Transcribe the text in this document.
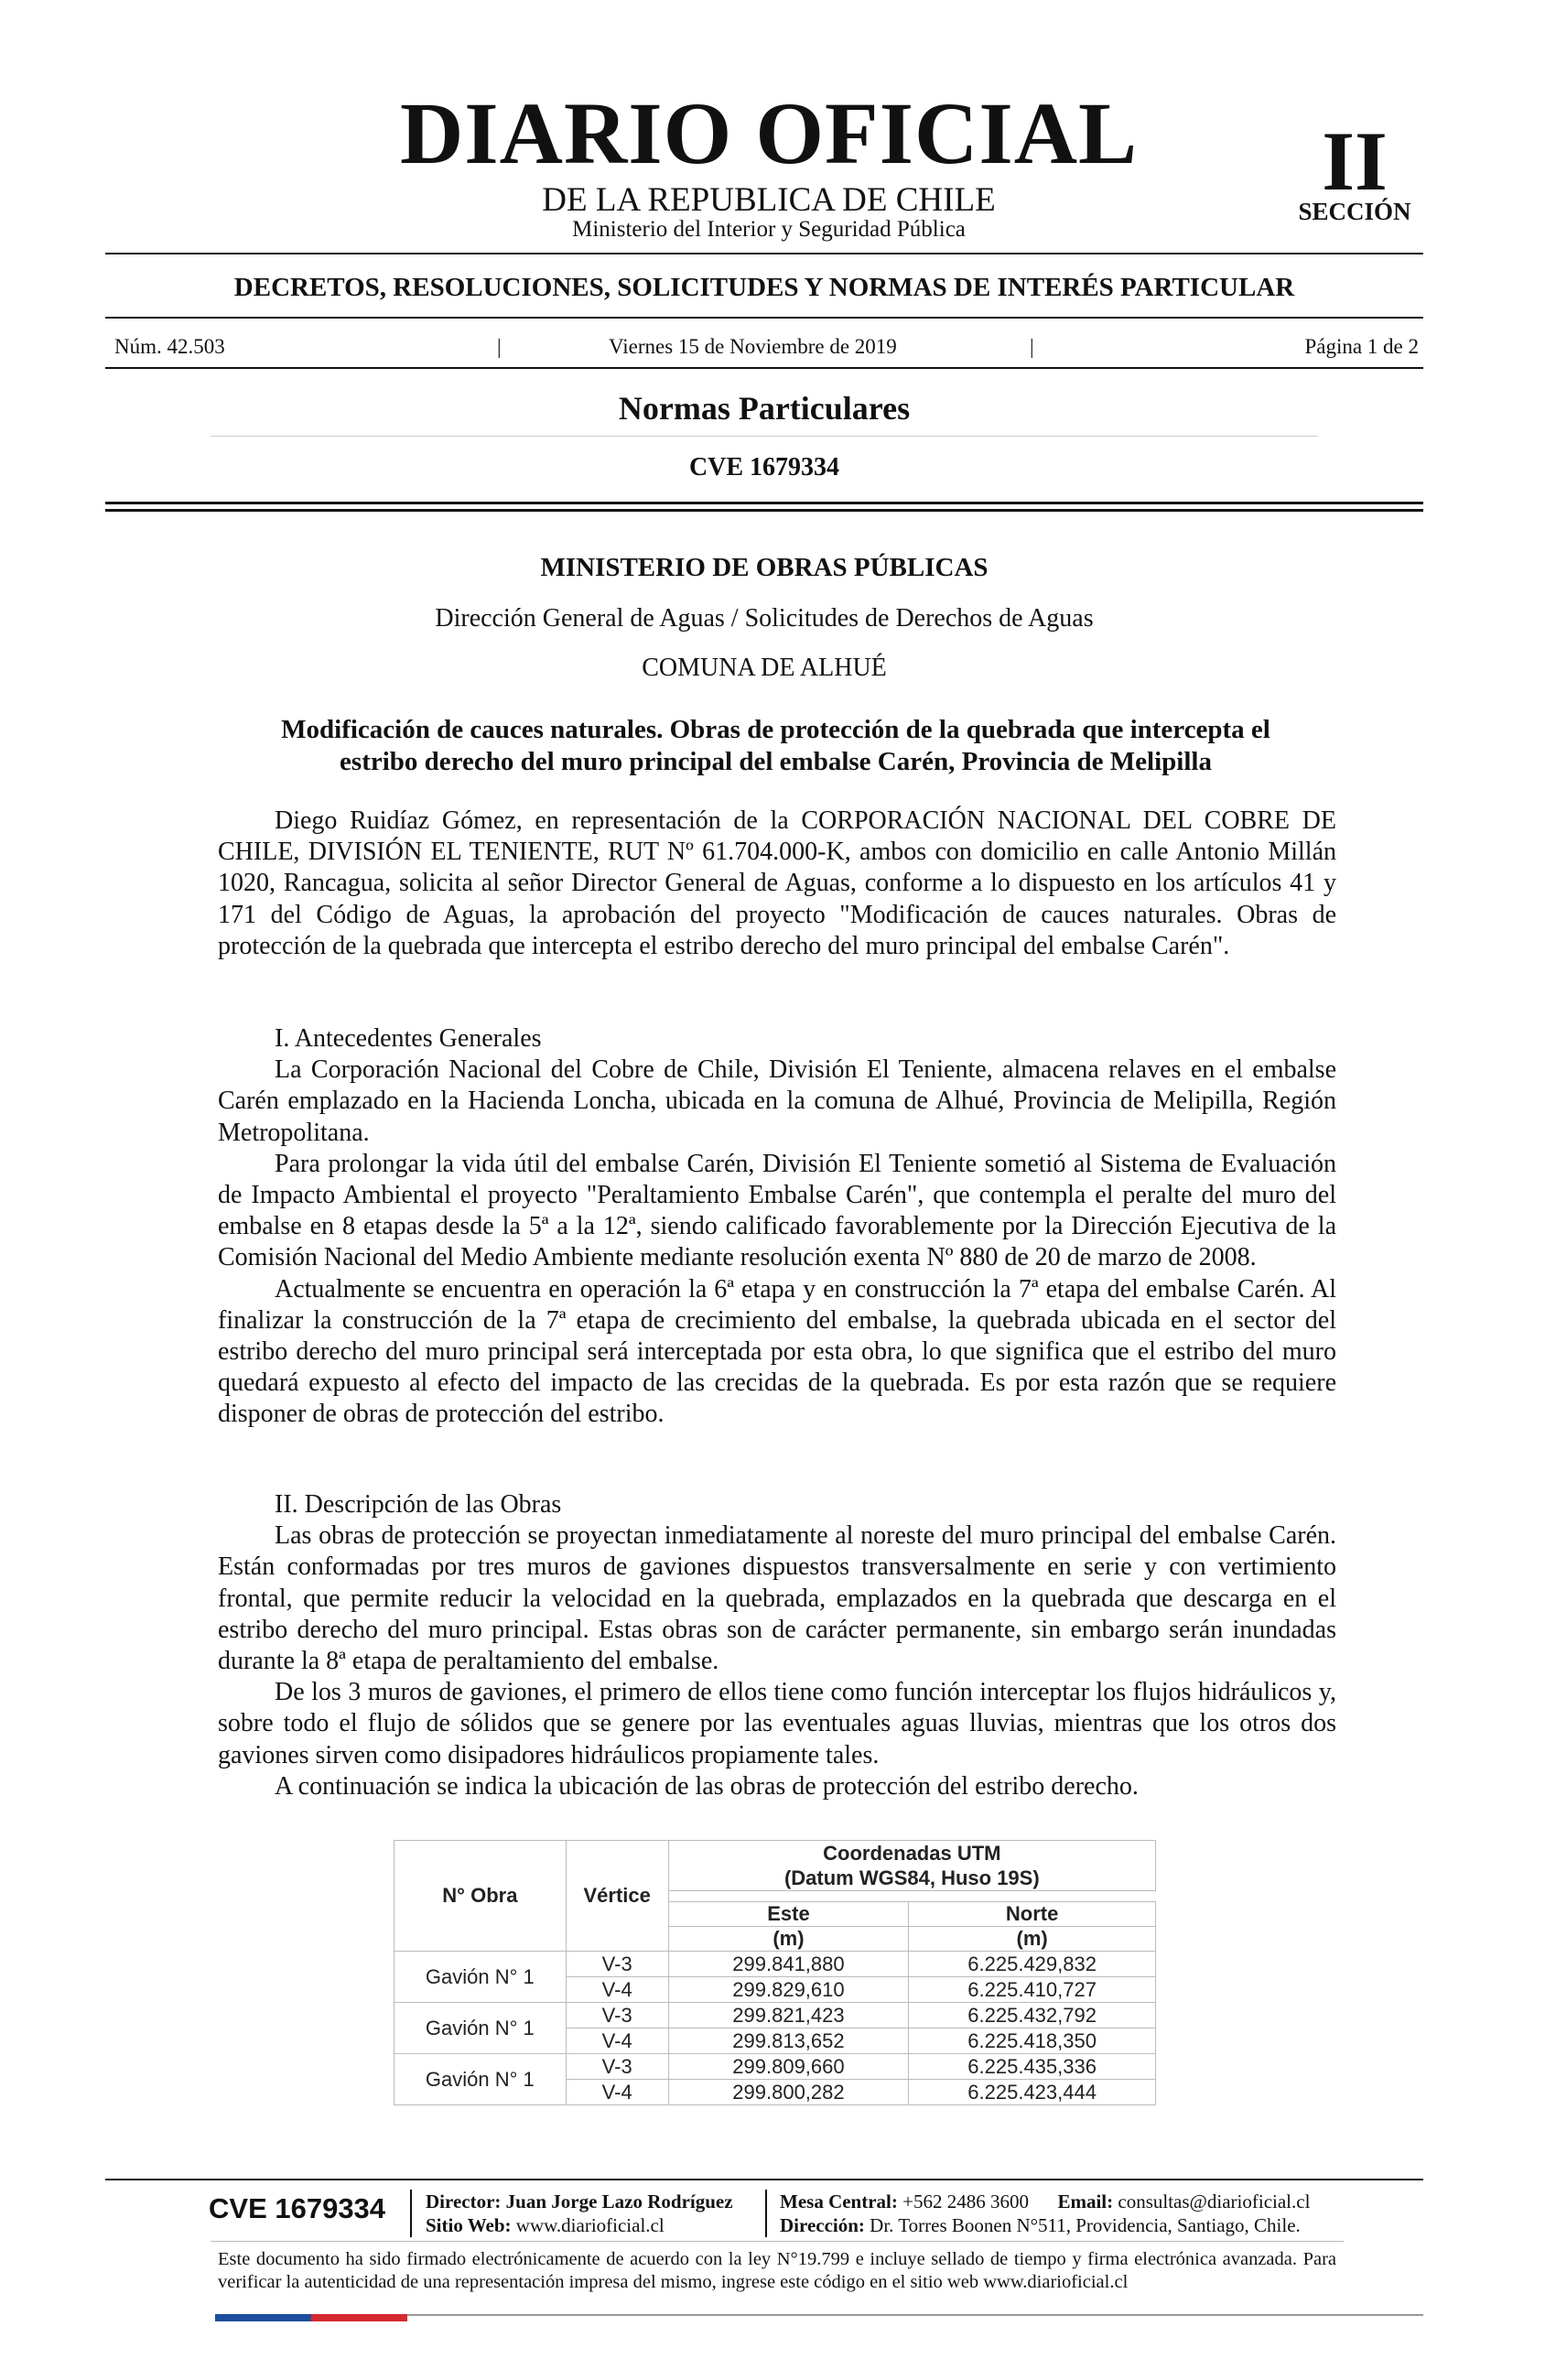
DIARIO OFICIAL
DE LA REPUBLICA DE CHILE
Ministerio del Interior y Seguridad Pública
II
SECCIÓN
DECRETOS, RESOLUCIONES, SOLICITUDES Y NORMAS DE INTERÉS PARTICULAR
Núm. 42.503	|	Viernes 15 de Noviembre de 2019	|	Página 1 de 2
Normas Particulares
CVE 1679334
MINISTERIO DE OBRAS PÚBLICAS
Dirección General de Aguas / Solicitudes de Derechos de Aguas
COMUNA DE ALHUÉ
Modificación de cauces naturales. Obras de protección de la quebrada que intercepta el
estribo derecho del muro principal del embalse Carén, Provincia de Melipilla

Diego Ruidíaz Gómez, en representación de la CORPORACIÓN NACIONAL DEL COBRE DE CHILE, DIVISIÓN EL TENIENTE, RUT Nº 61.704.000-K, ambos con domicilio en calle Antonio Millán 1020, Rancagua, solicita al señor Director General de Aguas, conforme a lo dispuesto en los artículos 41 y 171 del Código de Aguas, la aprobación del proyecto "Modificación de cauces naturales. Obras de protección de la quebrada que intercepta el estribo derecho del muro principal del embalse Carén".

I. Antecedentes Generales

La Corporación Nacional del Cobre de Chile, División El Teniente, almacena relaves en el embalse Carén emplazado en la Hacienda Loncha, ubicada en la comuna de Alhué, Provincia de Melipilla, Región Metropolitana.

Para prolongar la vida útil del embalse Carén, División El Teniente sometió al Sistema de Evaluación de Impacto Ambiental el proyecto "Peraltamiento Embalse Carén", que contempla el peralte del muro del embalse en 8 etapas desde la 5ª a la 12ª, siendo calificado favorablemente por la Dirección Ejecutiva de la Comisión Nacional del Medio Ambiente mediante resolución exenta Nº 880 de 20 de marzo de 2008.

Actualmente se encuentra en operación la 6ª etapa y en construcción la 7ª etapa del embalse Carén. Al finalizar la construcción de la 7ª etapa de crecimiento del embalse, la quebrada ubicada en el sector del estribo derecho del muro principal será interceptada por esta obra, lo que significa que el estribo del muro quedará expuesto al efecto del impacto de las crecidas de la quebrada. Es por esta razón que se requiere disponer de obras de protección del estribo.

II. Descripción de las Obras

Las obras de protección se proyectan inmediatamente al noreste del muro principal del embalse Carén. Están conformadas por tres muros de gaviones dispuestos transversalmente en serie y con vertimiento frontal, que permite reducir la velocidad en la quebrada, emplazados en la quebrada que descarga en el estribo derecho del muro principal. Estas obras son de carácter permanente, sin embargo serán inundadas durante la 8ª etapa de peraltamiento del embalse.

De los 3 muros de gaviones, el primero de ellos tiene como función interceptar los flujos hidráulicos y, sobre todo el flujo de sólidos que se genere por las eventuales aguas lluvias, mientras que los otros dos gaviones sirven como disipadores hidráulicos propiamente tales.

A continuación se indica la ubicación de las obras de protección del estribo derecho.

N° Obra	Vértice	Coordenadas UTM
(Datum WGS84, Huso 19S)	

		Este	Norte
		(m)	(m)
Gavión N° 1	V-3	299.841,880	6.225.429,832
	V-4	299.829,610	6.225.410,727
Gavión N° 1	V-3	299.821,423	6.225.432,792
	V-4	299.813,652	6.225.418,350
Gavión N° 1	V-3	299.809,660	6.225.435,336
	V-4	299.800,282	6.225.423,444
CVE 1679334 Director: Juan Jorge Lazo Rodríguez
Sitio Web: www.diarioficial.cl
Mesa Central: +562 2486 3600 Email: consultas@diarioficial.cl
Dirección: Dr. Torres Boonen N°511, Providencia, Santiago, Chile.
Este documento ha sido firmado electrónicamente de acuerdo con la ley N°19.799 e incluye sellado de tiempo y firma electrónica avanzada. Para verificar la autenticidad de una representación impresa del mismo, ingrese este código en el sitio web www.diarioficial.cl
